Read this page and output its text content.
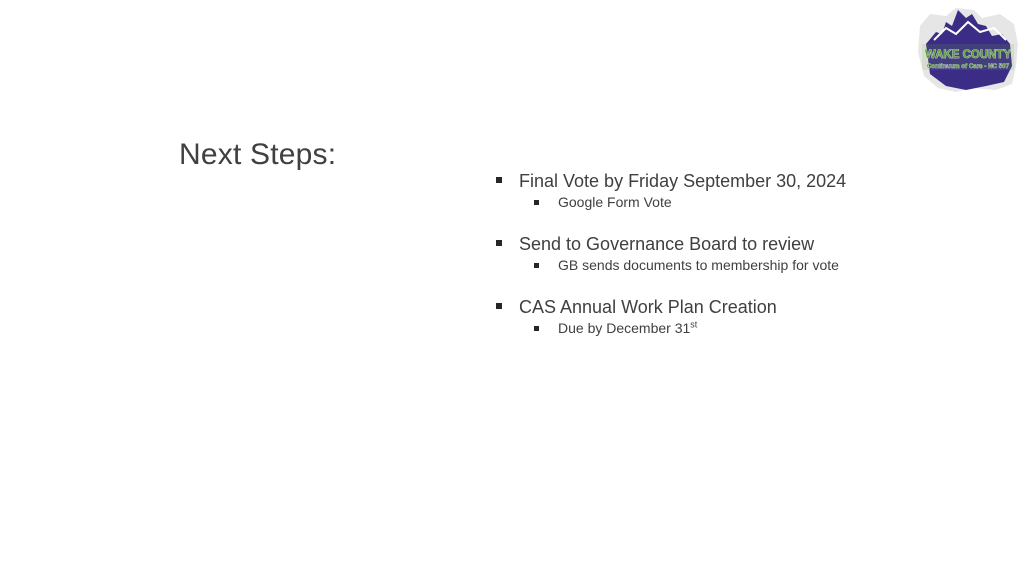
Next Steps:
Final Vote by Friday September 30, 2024
Google Form Vote
Send to Governance Board to review
GB sends documents to membership for vote
CAS Annual Work Plan Creation
Due by December 31st
WAKE COUNTY
Continuum of Care - NC 507
